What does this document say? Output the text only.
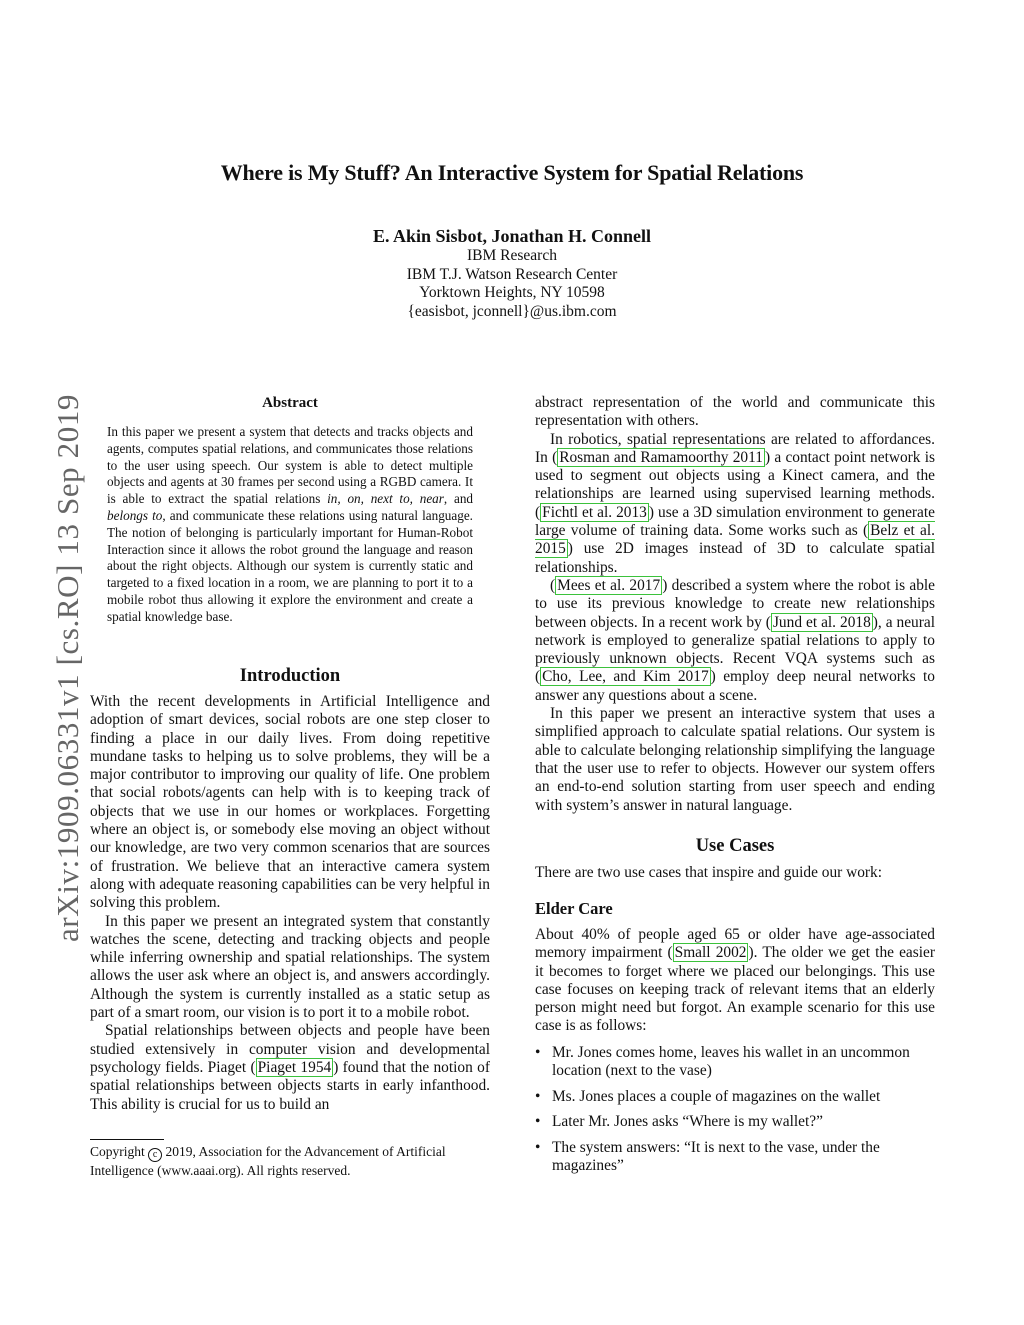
arXiv:1909.06331v1 [cs.RO] 13 Sep 2019
Where is My Stuff? An Interactive System for Spatial Relations
E. Akin Sisbot, Jonathan H. Connell
IBM Research
IBM T.J. Watson Research Center
Yorktown Heights, NY 10598
{easisbot, jconnell}@us.ibm.com
Abstract
In this paper we present a system that detects and tracks objects and agents, computes spatial relations, and communicates those relations to the user using speech. Our system is able to detect multiple objects and agents at 30 frames per second using a RGBD camera. It is able to extract the spatial relations in, on, next to, near, and belongs to, and communicate these relations using natural language. The notion of belonging is particularly important for Human-Robot Interaction since it allows the robot ground the language and reason about the right objects. Although our system is currently static and targeted to a fixed location in a room, we are planning to port it to a mobile robot thus allowing it explore the environment and create a spatial knowledge base.
Introduction

With the recent developments in Artificial Intelligence and adoption of smart devices, social robots are one step closer to finding a place in our daily lives. From doing repetitive mundane tasks to helping us to solve problems, they will be a major contributor to improving our quality of life. One problem that social robots/agents can help with is to keeping track of objects that we use in our homes or workplaces. Forgetting where an object is, or somebody else moving an object without our knowledge, are two very common scenarios that are sources of frustration. We believe that an interactive camera system along with adequate reasoning capabilities can be very helpful in solving this problem.

In this paper we present an integrated system that constantly watches the scene, detecting and tracking objects and people while inferring ownership and spatial relationships. The system allows the user ask where an object is, and answers accordingly. Although the system is currently installed as a static setup as part of a smart room, our vision is to port it to a mobile robot.

Spatial relationships between objects and people have been studied extensively in computer vision and developmental psychology fields. Piaget ( Piaget 1954 ) found that the notion of spatial relationships between objects starts in early infanthood. This ability is crucial for us to build an

Copyright c 2019, Association for the Advancement of Artificial Intelligence (www.aaai.org). All rights reserved.

abstract representation of the world and communicate this representation with others.

In robotics, spatial representations are related to affordances. In ( Rosman and Ramamoorthy 2011 ) a contact point network is used to segment out objects using a Kinect camera, and the relationships are learned using supervised learning methods. ( Fichtl et al. 2013 ) use a 3D simulation environment to generate large volume of training data. Some works such as ( Belz et al. 2015 ) use 2D images instead of 3D to calculate spatial relationships.

( Mees et al. 2017 ) described a system where the robot is able to use its previous knowledge to create new relationships between objects. In a recent work by ( Jund et al. 2018 ), a neural network is employed to generalize spatial relations to apply to previously unknown objects. Recent VQA systems such as ( Cho, Lee, and Kim 2017 ) employ deep neural networks to answer any questions about a scene.

In this paper we present an interactive system that uses a simplified approach to calculate spatial relations. Our system is able to calculate belonging relationship simplifying the language that the user use to refer to objects. However our system offers an end-to-end solution starting from user speech and ending with system’s answer in natural language.

Use Cases

There are two use cases that inspire and guide our work:

Elder Care

About 40% of people aged 65 or older have age-associated memory impairment ( Small 2002 ). The older we get the easier it becomes to forget where we placed our belongings. This use case focuses on keeping track of relevant items that an elderly person might need but forgot. An example scenario for this use case is as follows:

• Mr. Jones comes home, leaves his wallet in an uncommon location (next to the vase)
• Ms. Jones places a couple of magazines on the wallet
• Later Mr. Jones asks “Where is my wallet?”
• The system answers: “It is next to the vase, under the magazines”
